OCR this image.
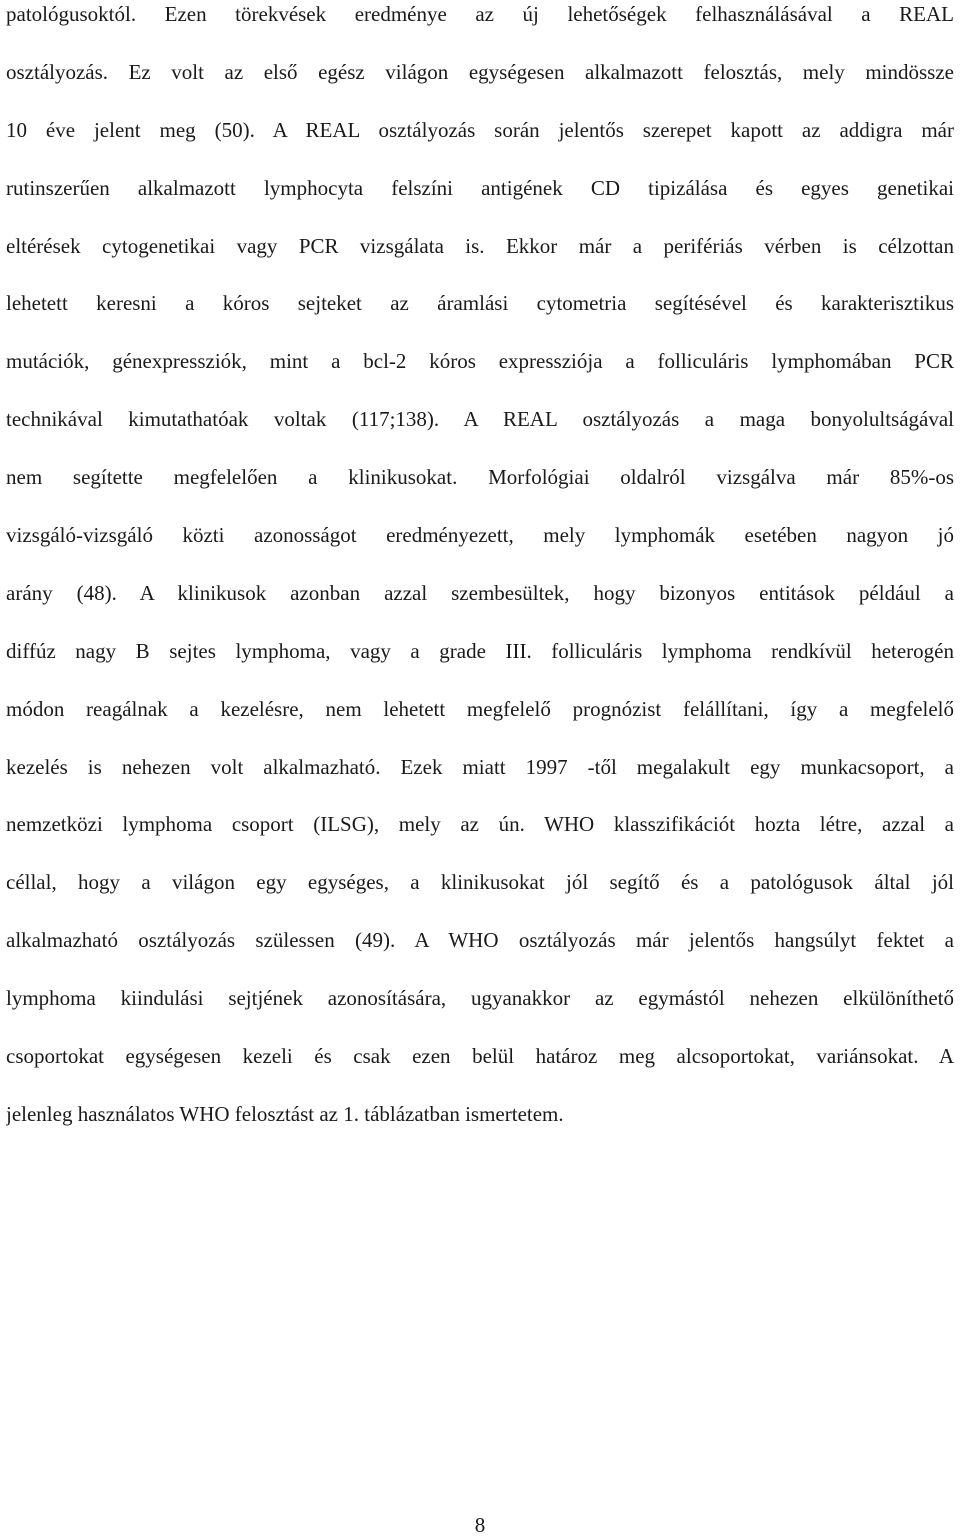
patológusoktól. Ezen törekvések eredménye az új lehetőségek felhasználásával a REAL
osztályozás. Ez volt az első egész világon egységesen alkalmazott felosztás, mely mindössze
10 éve jelent meg (50). A REAL osztályozás során jelentős szerepet kapott az addigra már
rutinszerűen alkalmazott lymphocyta felszíni antigének CD tipizálása és egyes genetikai
eltérések cytogenetikai vagy PCR vizsgálata is. Ekkor már a perifériás vérben is célzottan
lehetett keresni a kóros sejteket az áramlási cytometria segítésével és karakterisztikus
mutációk, génexpressziók, mint a bcl-2 kóros expressziója a folliculáris lymphomában PCR
technikával kimutathatóak voltak (117;138). A REAL osztályozás a maga bonyolultságával
nem segítette megfelelően a klinikusokat. Morfológiai oldalról vizsgálva már 85%-os
vizsgáló-vizsgáló közti azonosságot eredményezett, mely lymphomák esetében nagyon jó
arány (48). A klinikusok azonban azzal szembesültek, hogy bizonyos entitások például a
diffúz nagy B sejtes lymphoma, vagy a grade III. folliculáris lymphoma rendkívül heterogén
módon reagálnak a kezelésre, nem lehetett megfelelő prognózist felállítani, így a megfelelő
kezelés is nehezen volt alkalmazható. Ezek miatt 1997 -től megalakult egy munkacsoport, a
nemzetközi lymphoma csoport (ILSG), mely az ún. WHO klasszifikációt hozta létre, azzal a
céllal, hogy a világon egy egységes, a klinikusokat jól segítő és a patológusok által jól
alkalmazható osztályozás szülessen (49). A WHO osztályozás már jelentős hangsúlyt fektet a
lymphoma kiindulási sejtjének azonosítására, ugyanakkor az egymástól nehezen elkülöníthető
csoportokat egységesen kezeli és csak ezen belül határoz meg alcsoportokat, variánsokat. A
jelenleg használatos WHO felosztást az 1. táblázatban ismertetem.
8
